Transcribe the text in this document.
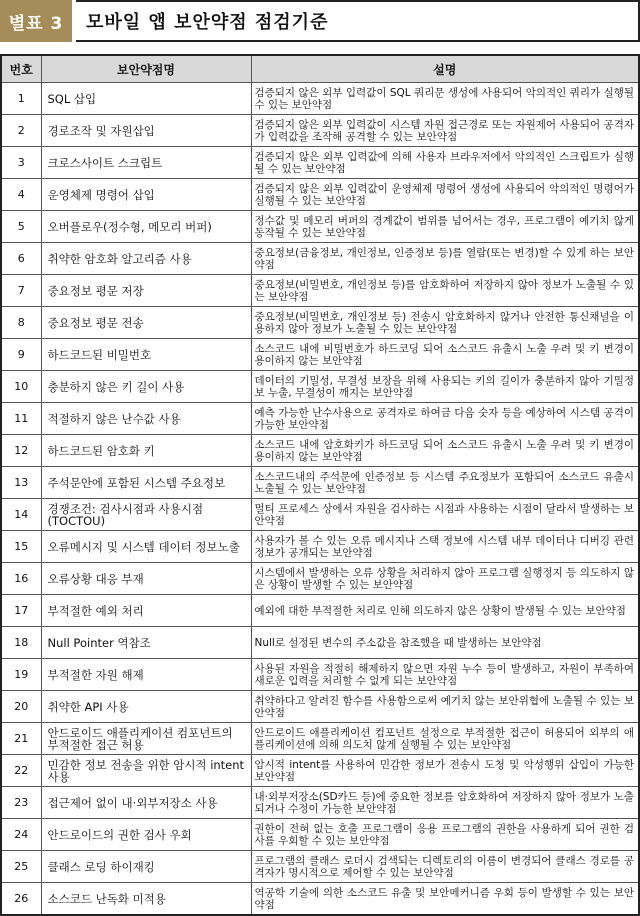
별표 3	모바일 앱 보안약점 점검기준
번호	보안약점명	설명
1	SQL 삽입	검증되지 않은 외부 입력값이 SQL 쿼리문 생성에 사용되어 악의적인 쿼리가 실행될 수 있는 보안약점
2	경로조작 및 자원삽입	검증되지 않은 외부 입력값이 시스템 자원 접근경로 또는 자원제어 사용되어 공격자가 입력값을 조작해 공격할 수 있는 보안약점
3	크로스사이트 스크립트	검증되지 않은 외부 입력값에 의해 사용자 브라우저에서 악의적인 스크립트가 실행될 수 있는 보안약점
4	운영체제 명령어 삽입	검증되지 않은 외부 입력값이 운영체제 명령어 생성에 사용되어 악의적인 명령어가 실행될 수 있는 보안약점
5	오버플로우(정수형, 메모리 버퍼)	정수값 및 메모리 버퍼의 경계값이 범위를 넘어서는 경우, 프로그램이 예기치 않게 동작될 수 있는 보안약점
6	취약한 암호화 알고리즘 사용	중요정보(금융정보, 개인정보, 인증정보 등)를 열람(또는 변경)할 수 있게 하는 보안약점
7	중요정보 평문 저장	중요정보(비밀번호, 개인정보 등)를 암호화하여 저장하지 않아 정보가 노출될 수 있는 보안약점
8	중요정보 평문 전송	중요정보(비밀번호, 개인정보 등) 전송시 암호화하지 않거나 안전한 통신채널을 이용하지 않아 정보가 노출될 수 있는 보안약점
9	하드코드된 비밀번호	소스코드 내에 비밀번호가 하드코딩 되어 소스코드 유출시 노출 우려 및 키 변경이 용이하지 않는 보안약점
10	충분하지 않은 키 길이 사용	데이터의 기밀성, 무결성 보장을 위해 사용되는 키의 길이가 충분하지 않아 기밀정보 누출, 무결성이 깨지는 보안약점
11	적절하지 않은 난수값 사용	예측 가능한 난수사용으로 공격자로 하여금 다음 숫자 등을 예상하여 시스템 공격이 가능한 보안약점
12	하드코드된 암호화 키	소스코드 내에 암호화키가 하드코딩 되어 소스코드 유출시 노출 우려 및 키 변경이 용이하지 않는 보안약점
13	주석문안에 포함된 시스템 주요정보	소스코드내의 주석문에 인증정보 등 시스템 주요정보가 포함되어 소스코드 유출시 노출될 수 있는 보안약점
14	경쟁조건: 검사시점과 사용시점(TOCTOU)	멀티 프로세스 상에서 자원을 검사하는 시점과 사용하는 시점이 달라서 발생하는 보안약점
15	오류메시지 및 시스템 데이터 정보노출	사용자가 볼 수 있는 오류 메시지나 스택 정보에 시스템 내부 데이터나 디버깅 관련 정보가 공개되는 보안약점
16	오류상황 대응 부재	시스템에서 발생하는 오류 상황을 처리하지 않아 프로그램 실행정지 등 의도하지 않은 상황이 발생할 수 있는 보안약점
17	부적절한 예외 처리	예외에 대한 부적절한 처리로 인해 의도하지 않은 상황이 발생될 수 있는 보안약점
18	Null Pointer 역참조	Null로 설정된 변수의 주소값을 참조했을 때 발생하는 보안약점
19	부적절한 자원 해제	사용된 자원을 적절히 해제하지 않으면 자원 누수 등이 발생하고, 자원이 부족하여 새로운 입력을 처리할 수 없게 되는 보안약점
20	취약한 API 사용	취약하다고 알려진 함수를 사용함으로써 예기치 않는 보안위협에 노출될 수 있는 보안약점
21	안드로이드 애플리케이션 컴포넌트의 부적절한 접근 허용	안드로이드 애플리케이션 컴포넌트 설정으로 부적절한 접근이 허용되어 외부의 애플리케이션에 의해 의도치 않게 실행될 수 있는 보안약점
22	민감한 정보 전송을 위한 암시적 intent 사용	암시적 intent를 사용하여 민감한 정보가 전송시 도청 및 악성행위 삽입이 가능한 보안약점
23	접근제어 없이 내·외부저장소 사용	내·외부저장소(SD카드 등)에 중요한 정보를 암호화하여 저장하지 않아 정보가 노출되거나 수정이 가능한 보안약점
24	안드로이드의 권한 검사 우회	권한이 전혀 없는 호출 프로그램이 응용 프로그램의 권한을 사용하게 되어 권한 검사를 우회할 수 있는 보안약점
25	클래스 로딩 하이재킹	프로그램의 클래스 로더시 검색되는 디렉토리의 이름이 변경되어 클래스 경로를 공격자가 명시적으로 제어할 수 있는 보안약점
26	소스코드 난독화 미적용	역공학 기술에 의한 소스코드 유출 및 보안메커니즘 우회 등이 발생할 수 있는 보안약점
